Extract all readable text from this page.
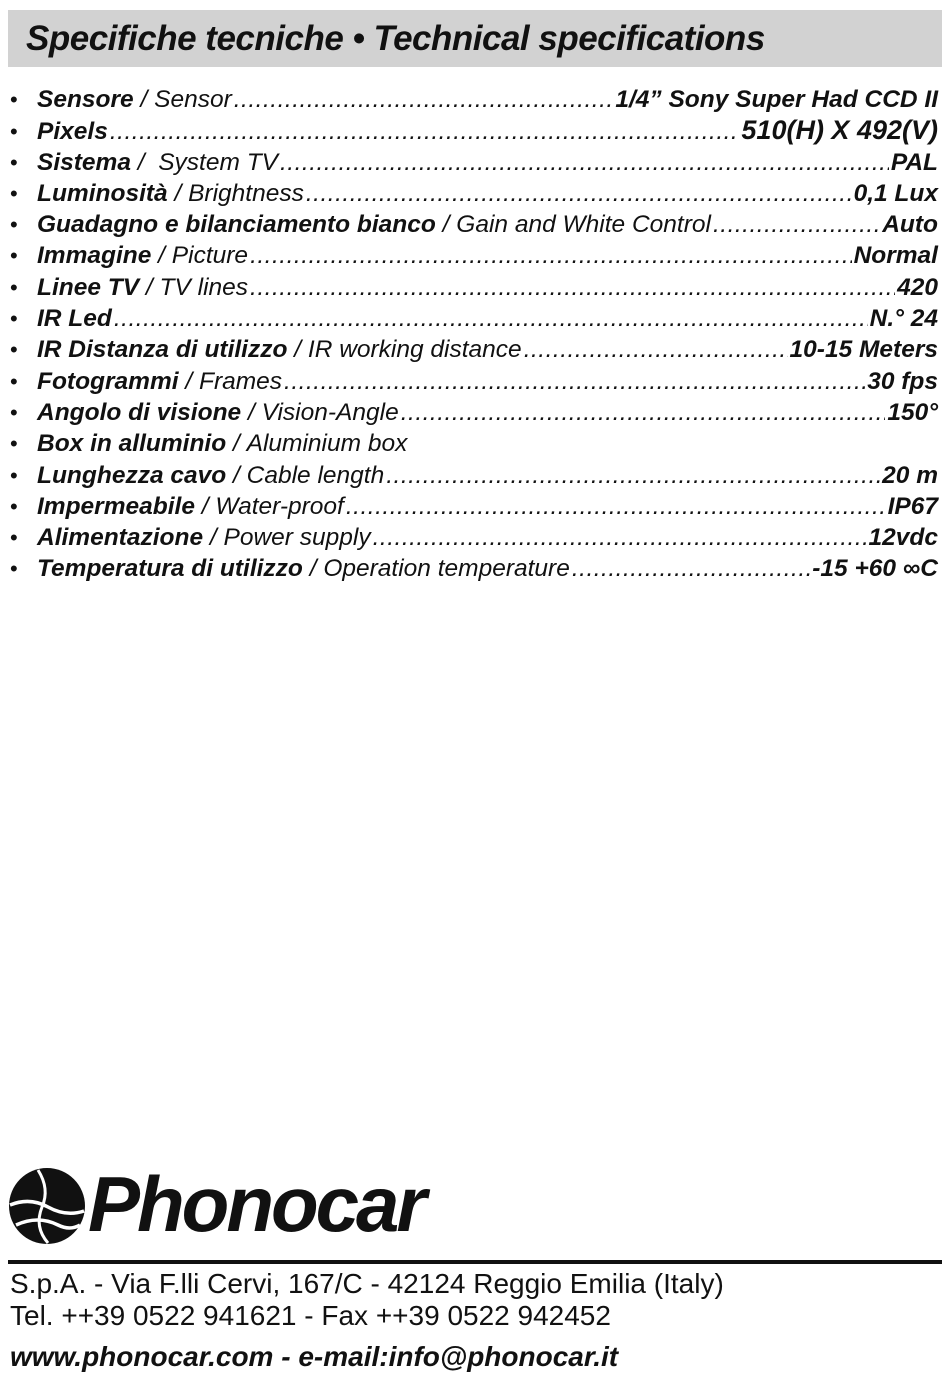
Specifiche tecniche • Technical specifications
• Sensore / Sensor .....	1/4” Sony Super Had CCD II
• Pixels .....	510(H) X 492(V)
• Sistema / System TV .....	PAL
• Luminosità / Brightness .....	0,1 Lux
• Guadagno e bilanciamento bianco / Gain and White Control .....	Auto
• Immagine / Picture .....	Normal
• Linee TV / TV lines .....	420
• IR Led .....	N.° 24
• IR Distanza di utilizzo / IR working distance .....	10-15 Meters
• Fotogrammi / Frames .....	30 fps
• Angolo di visione / Vision-Angle .....	150°
• Box in alluminio / Aluminium box
• Lunghezza cavo / Cable length .....	20 m
• Impermeabile / Water-proof .....	IP67
• Alimentazione / Power supply .....	12vdc
• Temperatura di utilizzo / Operation temperature .....	-15 +60 ∞C
Phonocar
S.p.A. - Via F.lli Cervi, 167/C - 42124 Reggio Emilia (Italy)
Tel. ++39 0522 941621 - Fax ++39 0522 942452
www.phonocar.com - e-mail:info@phonocar.it
